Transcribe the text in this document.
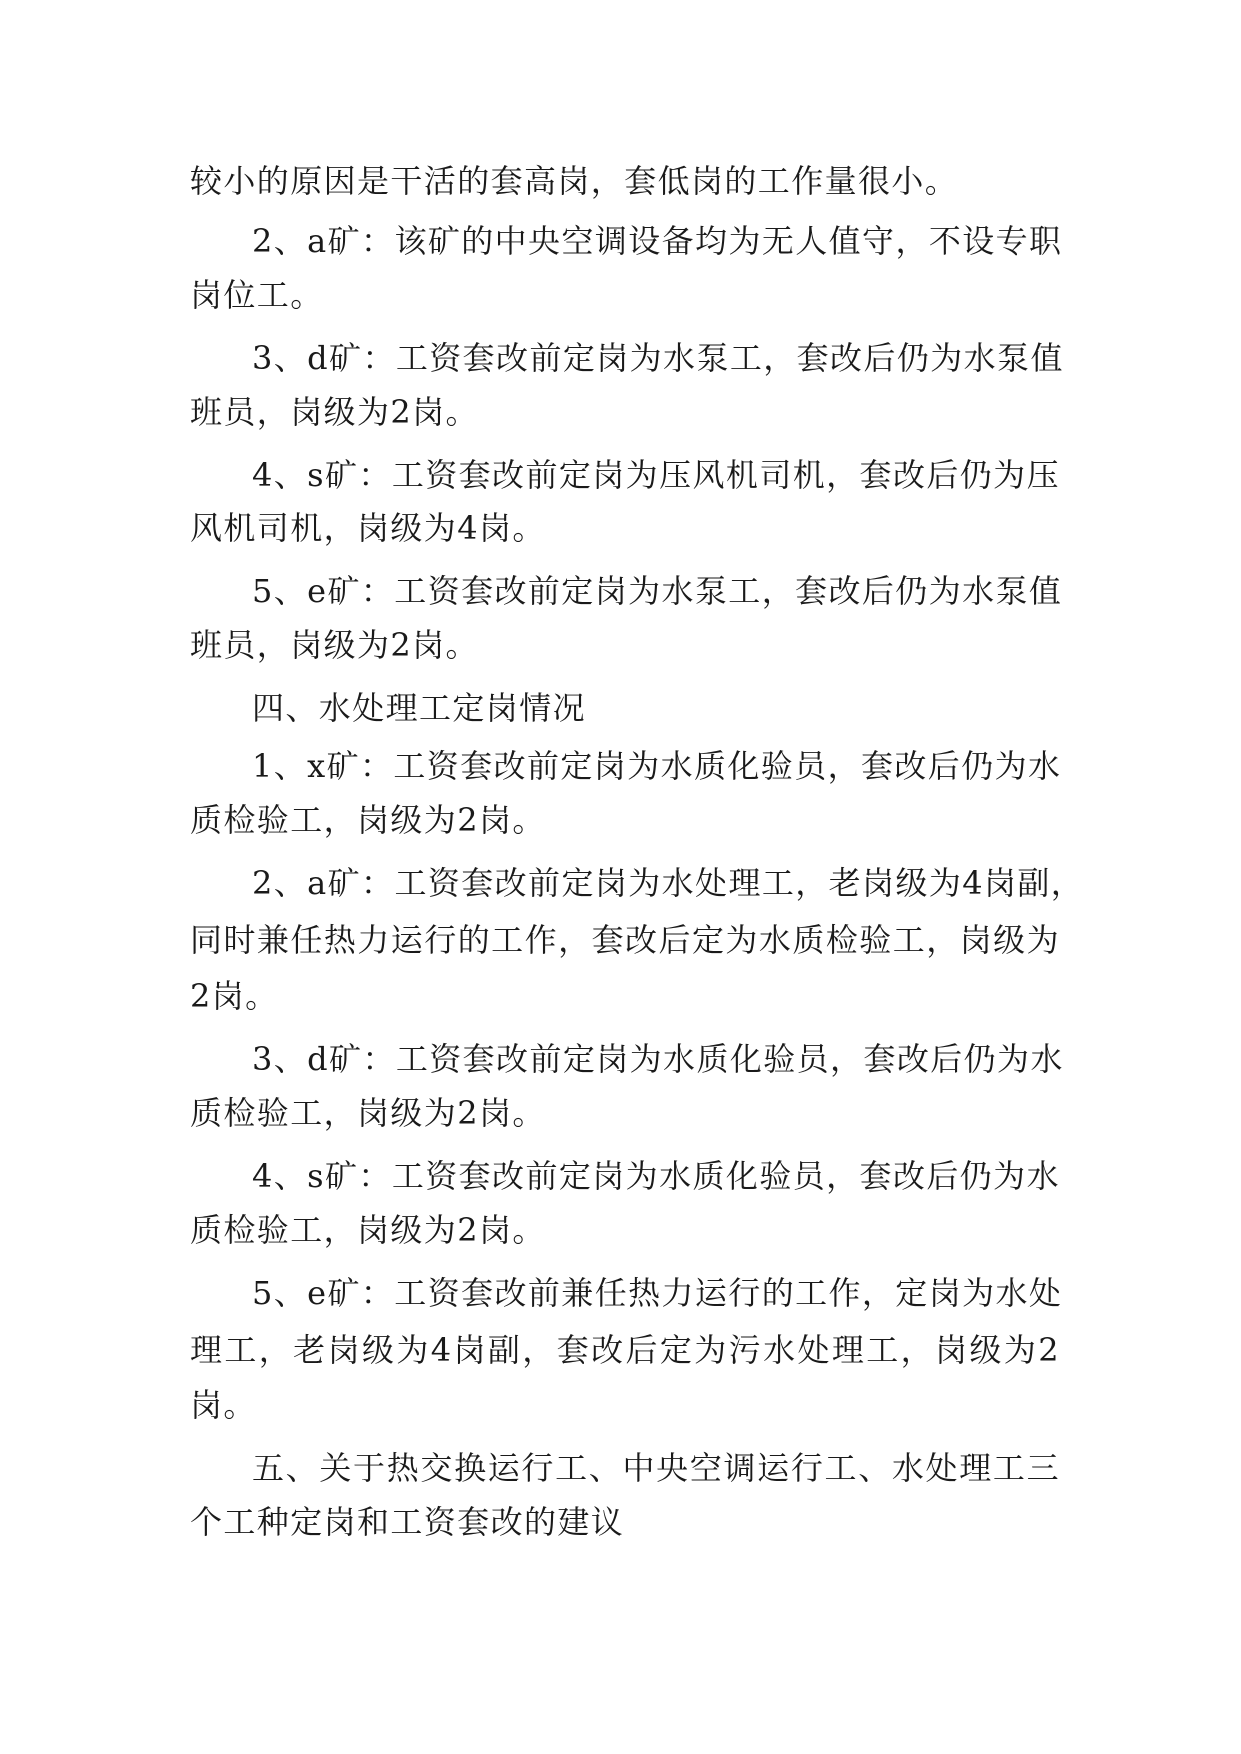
较小的原因是干活的套高岗，套低岗的工作量很小。
2、a矿：该矿的中央空调设备均为无人值守，不设专职
岗位工。
3、d矿：工资套改前定岗为水泵工，套改后仍为水泵值
班员，岗级为2岗。
4、s矿：工资套改前定岗为压风机司机，套改后仍为压
风机司机，岗级为4岗。
5、e矿：工资套改前定岗为水泵工，套改后仍为水泵值
班员，岗级为2岗。
四、水处理工定岗情况
1、x矿：工资套改前定岗为水质化验员，套改后仍为水
质检验工，岗级为2岗。
2、a矿：工资套改前定岗为水处理工，老岗级为4岗副，
同时兼任热力运行的工作，套改后定为水质检验工，岗级为
2岗。
3、d矿：工资套改前定岗为水质化验员，套改后仍为水
质检验工，岗级为2岗。
4、s矿：工资套改前定岗为水质化验员，套改后仍为水
质检验工，岗级为2岗。
5、e矿：工资套改前兼任热力运行的工作，定岗为水处
理工，老岗级为4岗副，套改后定为污水处理工，岗级为2
岗。
五、关于热交换运行工、中央空调运行工、水处理工三
个工种定岗和工资套改的建议
